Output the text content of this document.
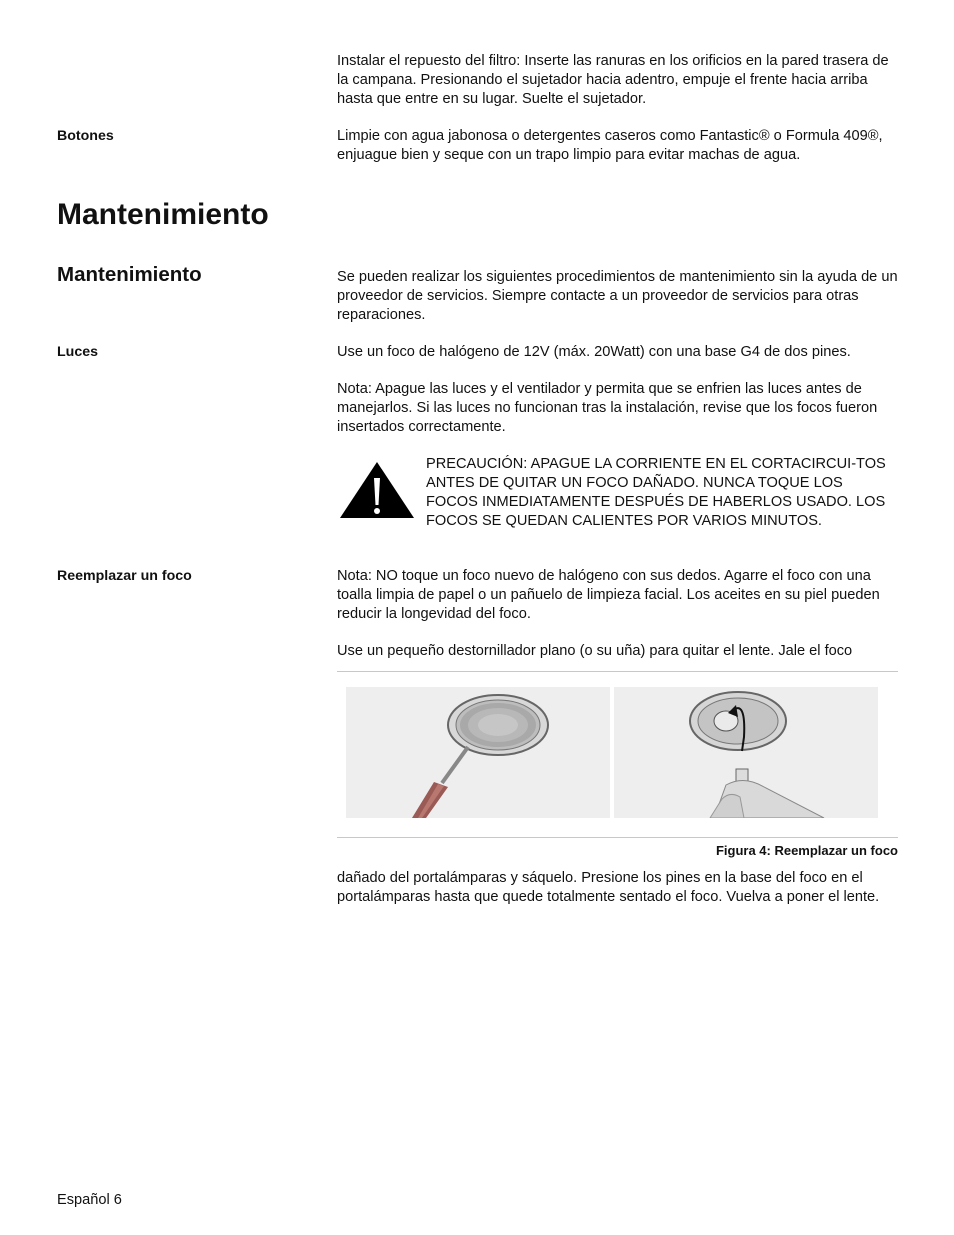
Instalar el repuesto del filtro: Inserte las ranuras en los orificios en la pared trasera de la campana. Presionando el sujetador hacia adentro, empuje el frente hacia arriba hasta que entre en su lugar. Suelte el sujetador.
Botones	Limpie con agua jabonosa o detergentes caseros como Fantastic® o Formula 409®, enjuague bien y seque con un trapo limpio para evitar machas de agua.
Mantenimiento
Mantenimiento	Se pueden realizar los siguientes procedimientos de mantenimiento sin la ayuda de un proveedor de servicios. Siempre contacte a un proveedor de servicios para otras reparaciones.
Luces	Use un foco de halógeno de 12V (máx. 20Watt) con una base G4 de dos pines.
Nota: Apague las luces y el ventilador y permita que se enfrien las luces antes de manejarlos. Si las luces no funcionan tras la instalación, revise que los focos fueron insertados correctamente.
PRECAUCIÓN: APAGUE LA CORRIENTE EN EL CORTACIRCUI-TOS ANTES DE QUITAR UN FOCO DAÑADO. NUNCA TOQUE LOS FOCOS INMEDIATAMENTE DESPUÉS DE HABERLOS USADO. LOS FOCOS SE QUEDAN CALIENTES POR VARIOS MINUTOS.
Reemplazar un foco	Nota: NO toque un foco nuevo de halógeno con sus dedos. Agarre el foco con una toalla limpia de papel o un pañuelo de limpieza facial. Los aceites en su piel pueden reducir la longevidad del foco.
Use un pequeño destornillador plano (o su uña) para quitar el lente. Jale el foco
Figura 4: Reemplazar un foco
dañado del portalámparas y sáquelo. Presione los pines en la base del foco en el portalámparas hasta que quede totalmente sentado el foco. Vuelva a poner el lente.
Español 6
